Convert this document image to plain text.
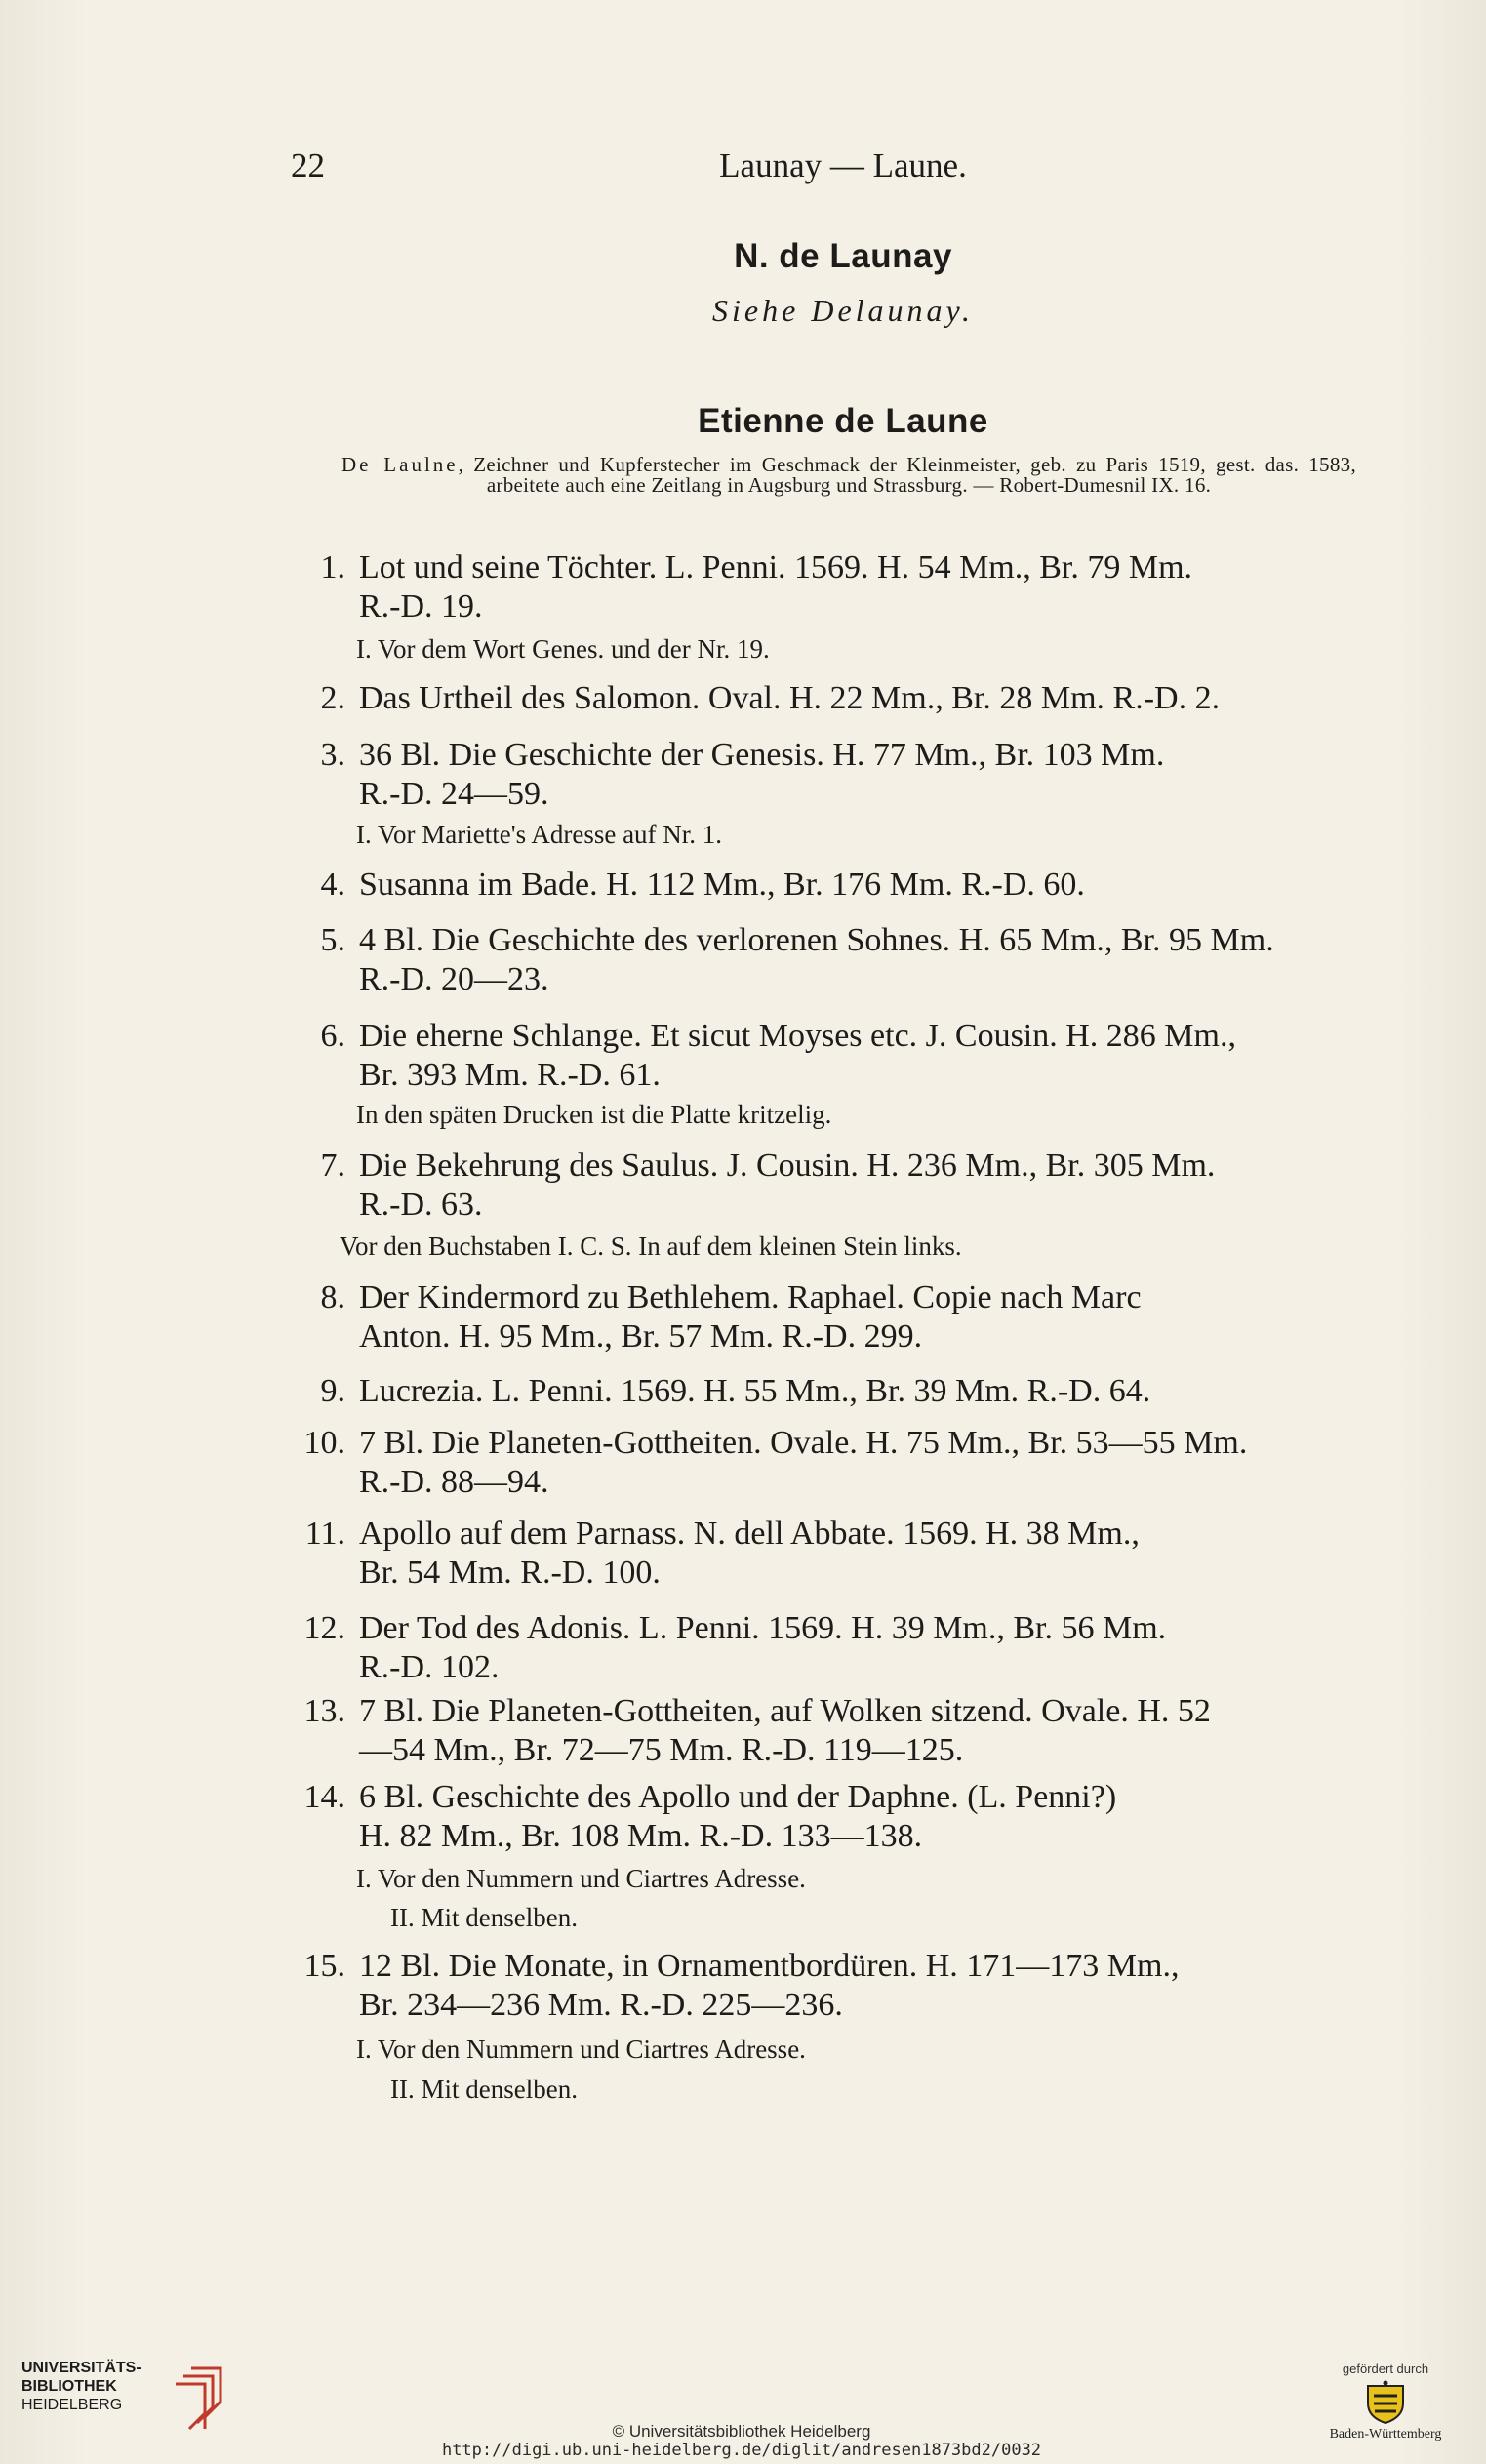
22	Launay — Laune.
N. de Launay
Siehe Delaunay.
Etienne de Laune
De Laulne, Zeichner und Kupferstecher im Geschmack der Kleinmeister, geb. zu Paris 1519, gest. das. 1583, arbeitete auch eine Zeitlang in Augsburg und Strassburg. — Robert-Dumesnil IX. 16.
1. Lot und seine Töchter. L. Penni. 1569. H. 54 Mm., Br. 79 Mm.
R.-D. 19.
I. Vor dem Wort Genes. und der Nr. 19.
2. Das Urtheil des Salomon. Oval. H. 22 Mm., Br. 28 Mm. R.-D. 2.
3. 36 Bl. Die Geschichte der Genesis. H. 77 Mm., Br. 103 Mm.
R.-D. 24—59.
I. Vor Mariette's Adresse auf Nr. 1.
4. Susanna im Bade. H. 112 Mm., Br. 176 Mm. R.-D. 60.
5. 4 Bl. Die Geschichte des verlorenen Sohnes. H. 65 Mm., Br. 95 Mm.
R.-D. 20—23.
6. Die eherne Schlange. Et sicut Moyses etc. J. Cousin. H. 286 Mm.,
Br. 393 Mm. R.-D. 61.
In den späten Drucken ist die Platte kritzelig.
7. Die Bekehrung des Saulus. J. Cousin. H. 236 Mm., Br. 305 Mm.
R.-D. 63.
Vor den Buchstaben I. C. S. In auf dem kleinen Stein links.
8. Der Kindermord zu Bethlehem. Raphael. Copie nach Marc
Anton. H. 95 Mm., Br. 57 Mm. R.-D. 299.
9. Lucrezia. L. Penni. 1569. H. 55 Mm., Br. 39 Mm. R.-D. 64.
10. 7 Bl. Die Planeten-Gottheiten. Ovale. H. 75 Mm., Br. 53—55 Mm.
R.-D. 88—94.
11. Apollo auf dem Parnass. N. dell Abbate. 1569. H. 38 Mm.,
Br. 54 Mm. R.-D. 100.
12. Der Tod des Adonis. L. Penni. 1569. H. 39 Mm., Br. 56 Mm.
R.-D. 102.
13. 7 Bl. Die Planeten-Gottheiten, auf Wolken sitzend. Ovale. H. 52
—54 Mm., Br. 72—75 Mm. R.-D. 119—125.
14. 6 Bl. Geschichte des Apollo und der Daphne. (L. Penni?)
H. 82 Mm., Br. 108 Mm. R.-D. 133—138.
I. Vor den Nummern und Ciartres Adresse.
II. Mit denselben.
15. 12 Bl. Die Monate, in Ornamentbordüren. H. 171—173 Mm.,
Br. 234—236 Mm. R.-D. 225—236.
I. Vor den Nummern und Ciartres Adresse.
II. Mit denselben.
UNIVERSITÄTS-
BIBLIOTHEK
HEIDELBERG
© Universitätsbibliothek Heidelberg
http://digi.ub.uni-heidelberg.de/diglit/andresen1873bd2/0032
gefördert durch
Baden-Württemberg
